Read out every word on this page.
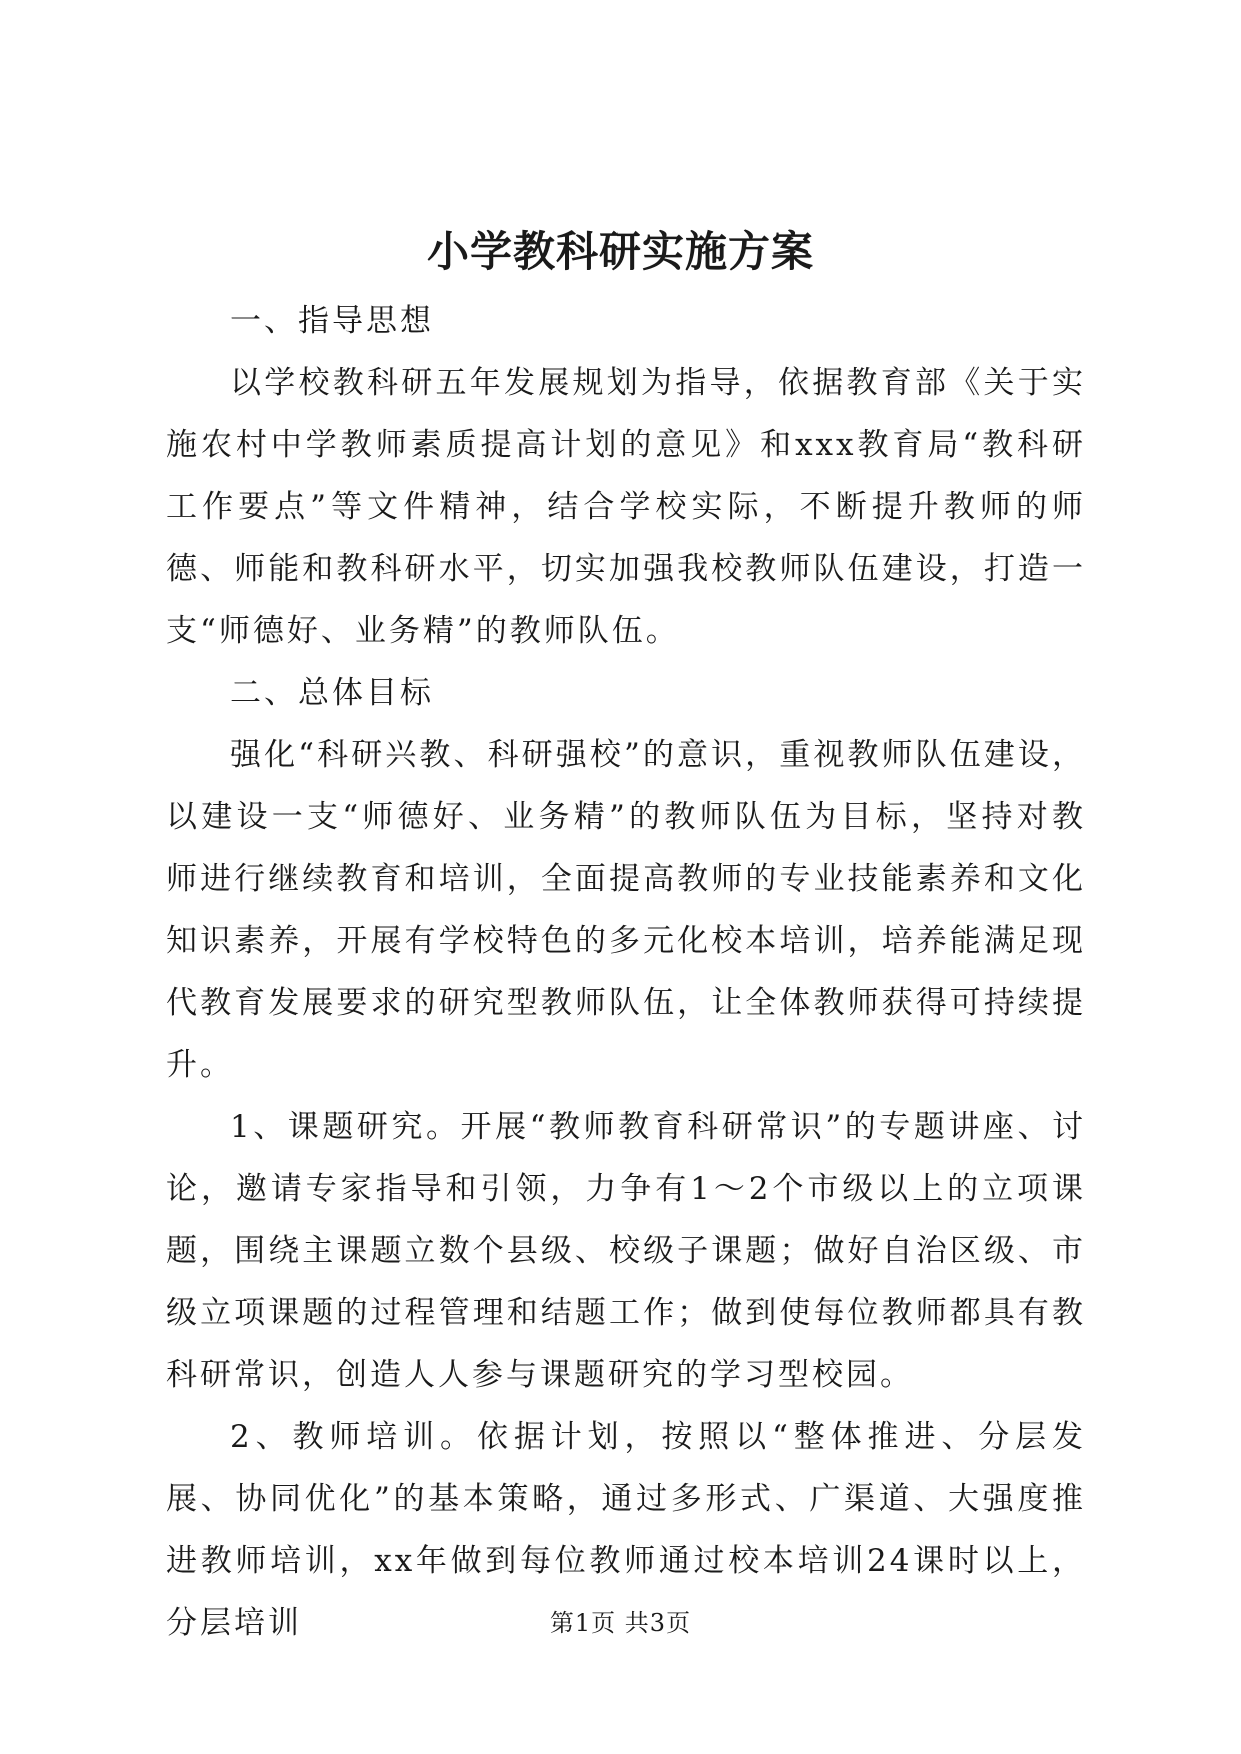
小学教科研实施方案
一、指导思想

以学校教科研五年发展规划为指导，依据教育部《关于实施农村中学教师素质提高计划的意见》和xxx教育局“教科研工作要点”等文件精神，结合学校实际，不断提升教师的师德、师能和教科研水平，切实加强我校教师队伍建设，打造一支“师德好、业务精”的教师队伍。

二、总体目标

强化“科研兴教、科研强校”的意识，重视教师队伍建设，以建设一支“师德好、业务精”的教师队伍为目标，坚持对教师进行继续教育和培训，全面提高教师的专业技能素养和文化知识素养，开展有学校特色的多元化校本培训，培养能满足现代教育发展要求的研究型教师队伍，让全体教师获得可持续提升。

1、课题研究。开展“教师教育科研常识”的专题讲座、讨论，邀请专家指导和引领，力争有1～2个市级以上的立项课题，围绕主课题立数个县级、校级子课题；做好自治区级、市级立项课题的过程管理和结题工作；做到使每位教师都具有教科研常识，创造人人参与课题研究的学习型校园。

2、教师培训。依据计划，按照以“整体推进、分层发展、协同优化”的基本策略，通过多形式、广渠道、大强度推进教师培训，xx年做到每位教师通过校本培训24课时以上，分层培训	第1页 共3页
